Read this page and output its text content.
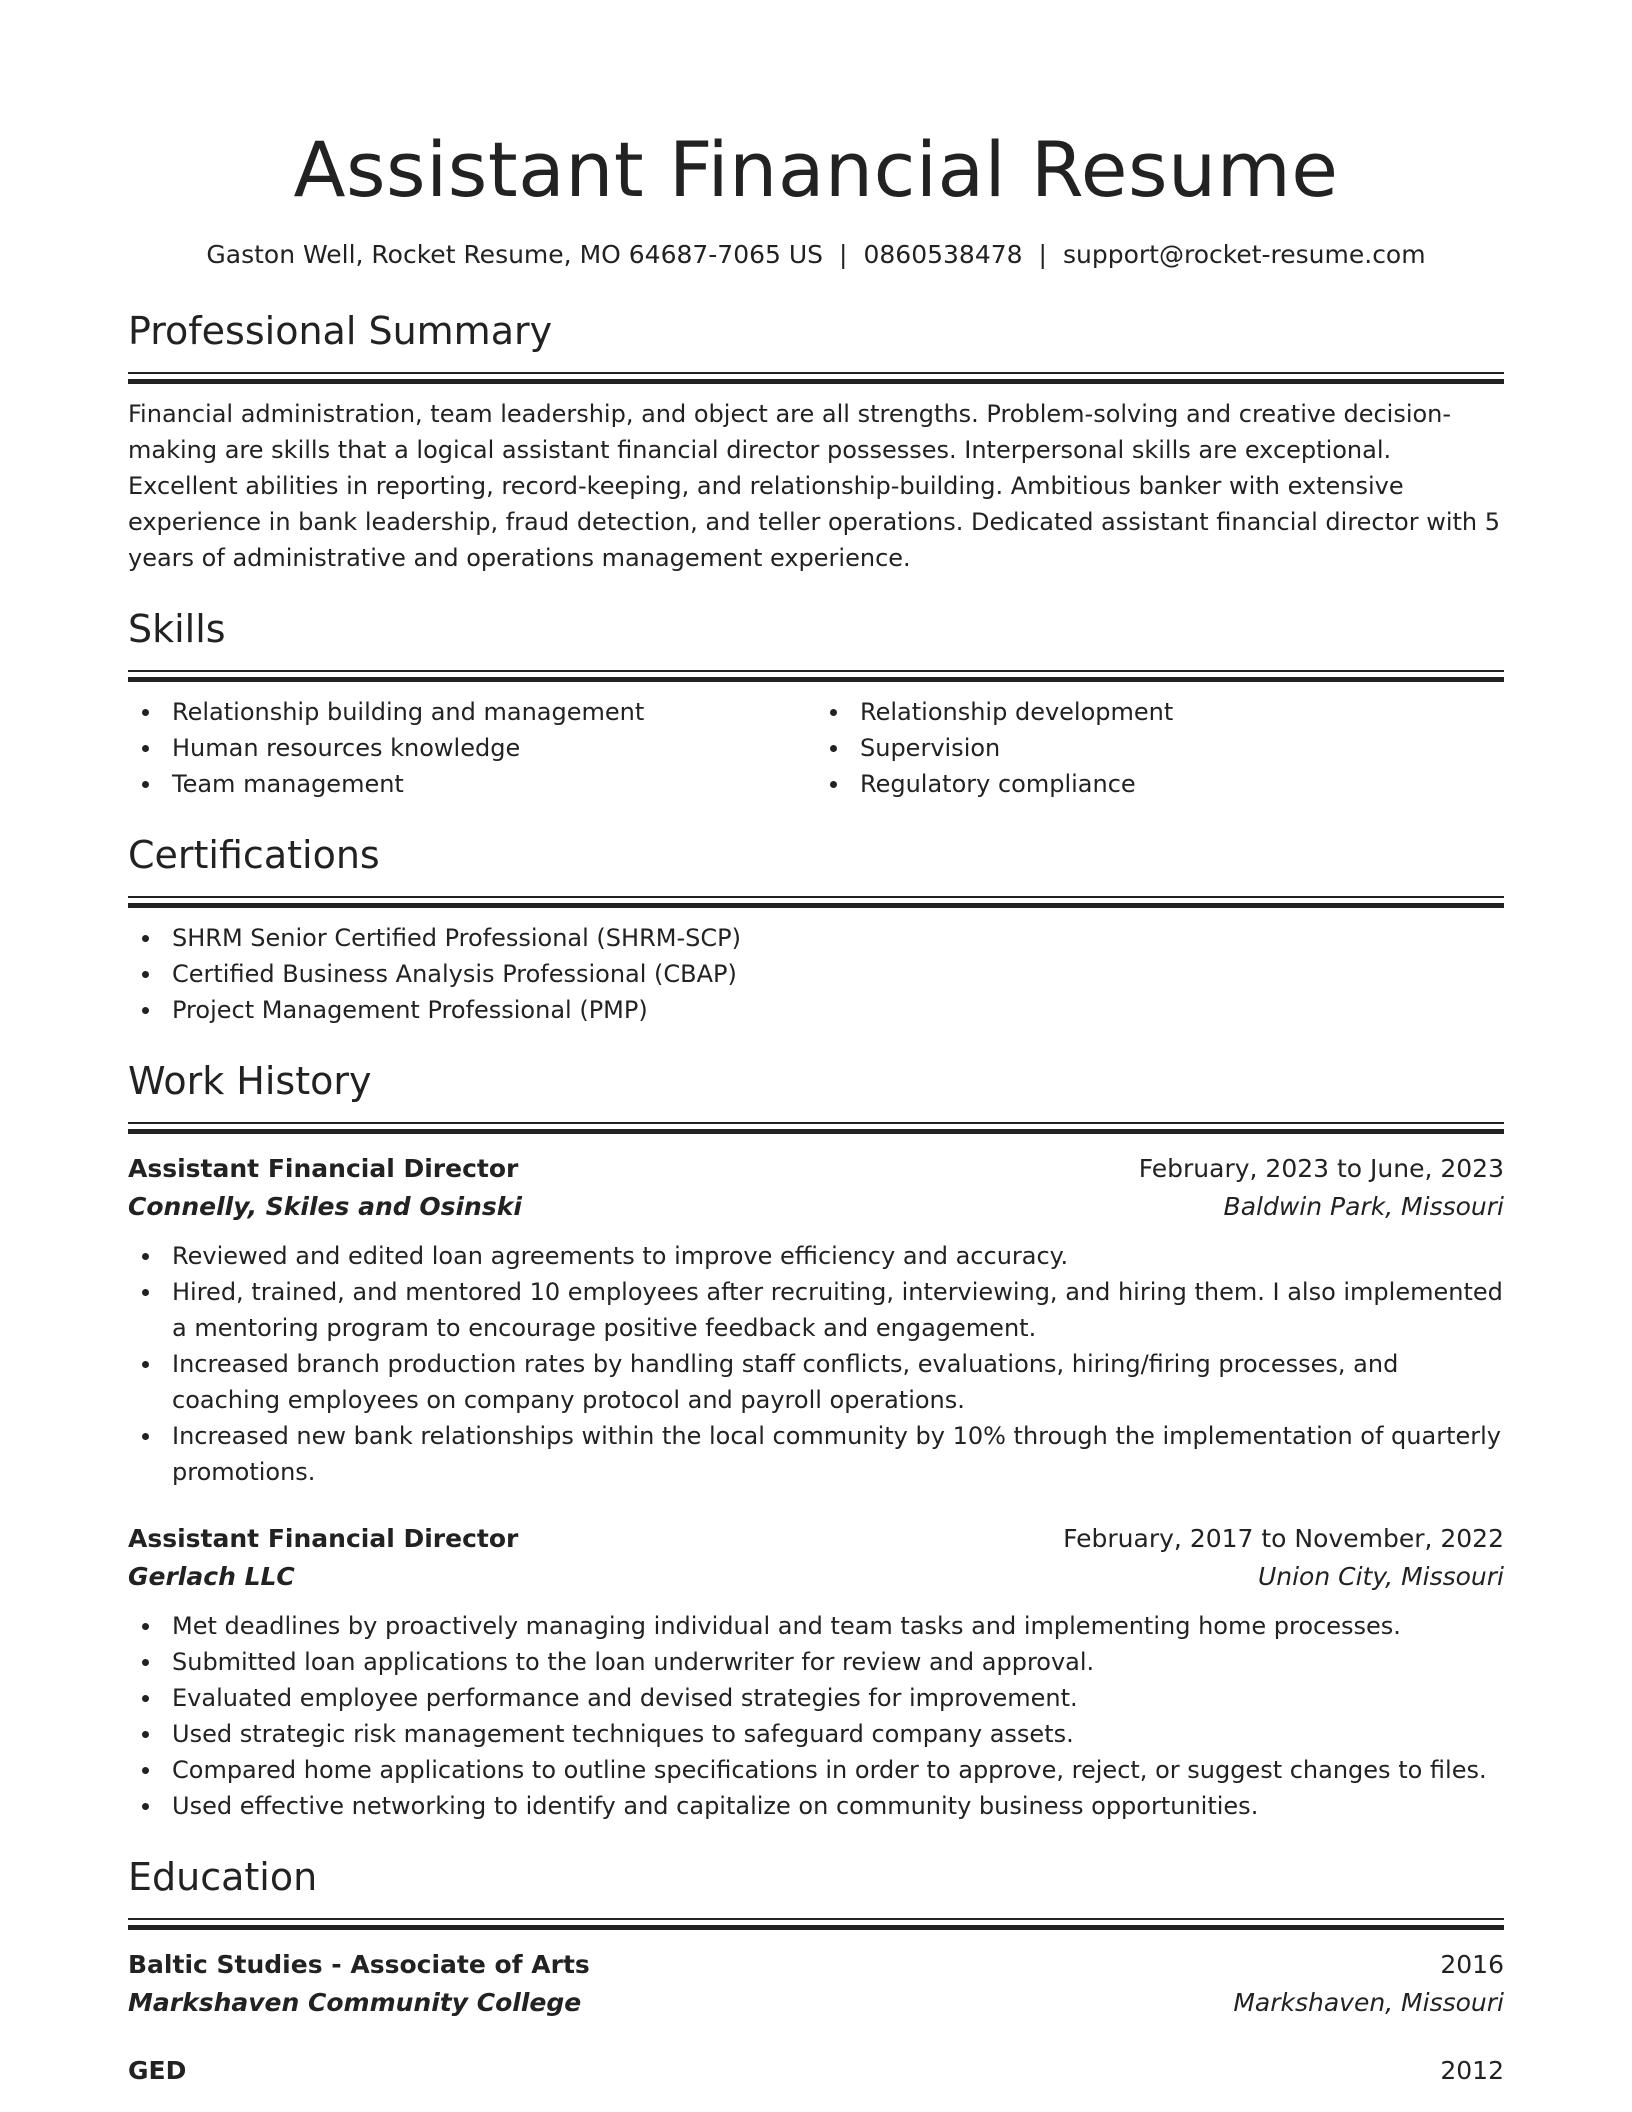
Assistant Financial Resume
Gaston Well, Rocket Resume, MO 64687-7065 US | 0860538478 | support@rocket-resume.com
Professional Summary

Financial administration, team leadership, and object are all strengths. Problem-solving and creative decision-making are skills that a logical assistant financial director possesses. Interpersonal skills are exceptional. Excellent abilities in reporting, record-keeping, and relationship-building. Ambitious banker with extensive experience in bank leadership, fraud detection, and teller operations. Dedicated assistant financial director with 5 years of administrative and operations management experience.

Skills
Relationship building and management
Human resources knowledge
Team management
Relationship development
Supervision
Regulatory compliance
Certifications
SHRM Senior Certified Professional (SHRM-SCP)
Certified Business Analysis Professional (CBAP)
Project Management Professional (PMP)
Work History
Assistant Financial Director	February, 2023 to June, 2023
Connelly, Skiles and Osinski	Baldwin Park, Missouri
Reviewed and edited loan agreements to improve efficiency and accuracy.
Hired, trained, and mentored 10 employees after recruiting, interviewing, and hiring them. I also implemented a mentoring program to encourage positive feedback and engagement.
Increased branch production rates by handling staff conflicts, evaluations, hiring/firing processes, and coaching employees on company protocol and payroll operations.
Increased new bank relationships within the local community by 10% through the implementation of quarterly promotions.
Assistant Financial Director	February, 2017 to November, 2022
Gerlach LLC	Union City, Missouri
Met deadlines by proactively managing individual and team tasks and implementing home processes.
Submitted loan applications to the loan underwriter for review and approval.
Evaluated employee performance and devised strategies for improvement.
Used strategic risk management techniques to safeguard company assets.
Compared home applications to outline specifications in order to approve, reject, or suggest changes to files.
Used effective networking to identify and capitalize on community business opportunities.
Education
Baltic Studies - Associate of Arts	2016
Markshaven Community College	Markshaven, Missouri
GED	2012
